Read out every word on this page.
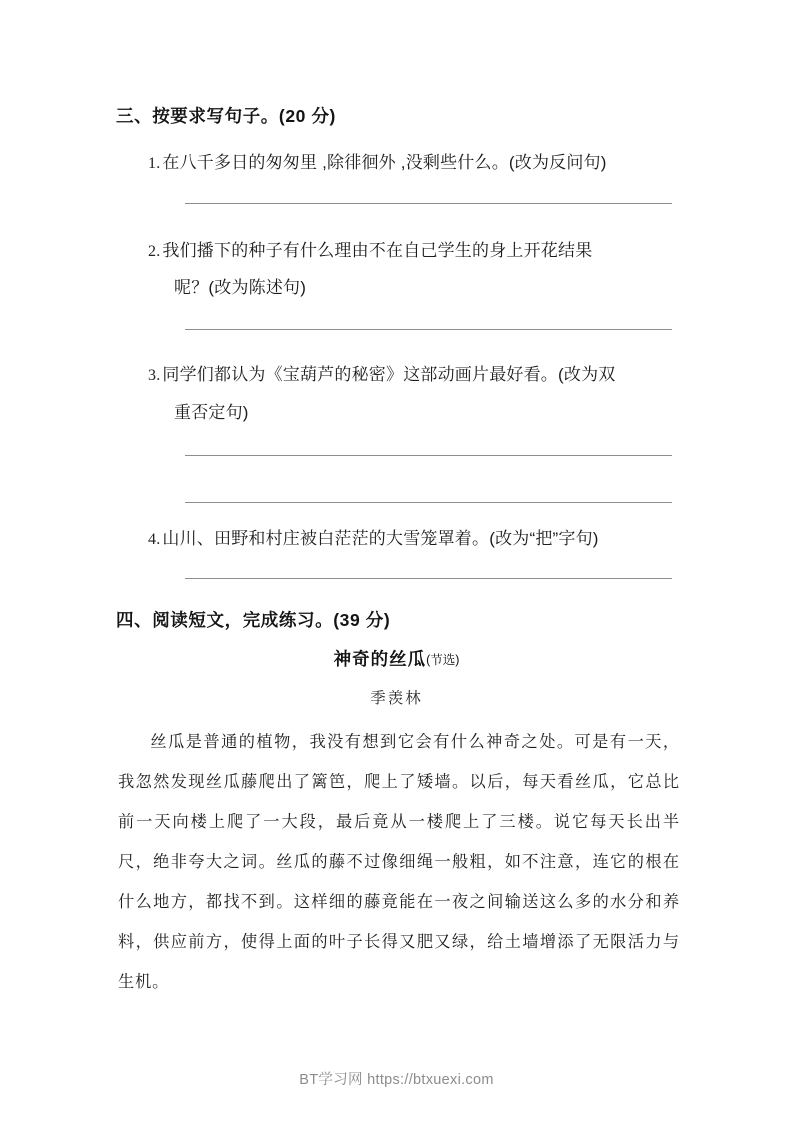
三、按要求写句子。(20 分)
1. 在八千多日的匆匆里 ,除徘徊外 ,没剩些什么。(改为反问句)
2. 我们播下的种子有什么理由不在自己学生的身上开花结果
呢？(改为陈述句)
3. 同学们都认为《宝葫芦的秘密》这部动画片最好看。(改为双
重否定句)
4. 山川、田野和村庄被白茫茫的大雪笼罩着。(改为“把”字句)
四、阅读短文，完成练习。(39 分)
神奇的丝瓜(节选)
季羡林
丝瓜是普通的植物，我没有想到它会有什么神奇之处。可是有一天，我忽然发现丝瓜藤爬出了篱笆，爬上了矮墙。以后，每天看丝瓜，它总比前一天向楼上爬了一大段，最后竟从一楼爬上了三楼。说它每天长出半尺，绝非夸大之词。丝瓜的藤不过像细绳一般粗，如不注意，连它的根在什么地方，都找不到。这样细的藤竟能在一夜之间输送这么多的水分和养料，供应前方，使得上面的叶子长得又肥又绿，给土墙增添了无限活力与生机。
BT学习网 https://btxuexi.com
